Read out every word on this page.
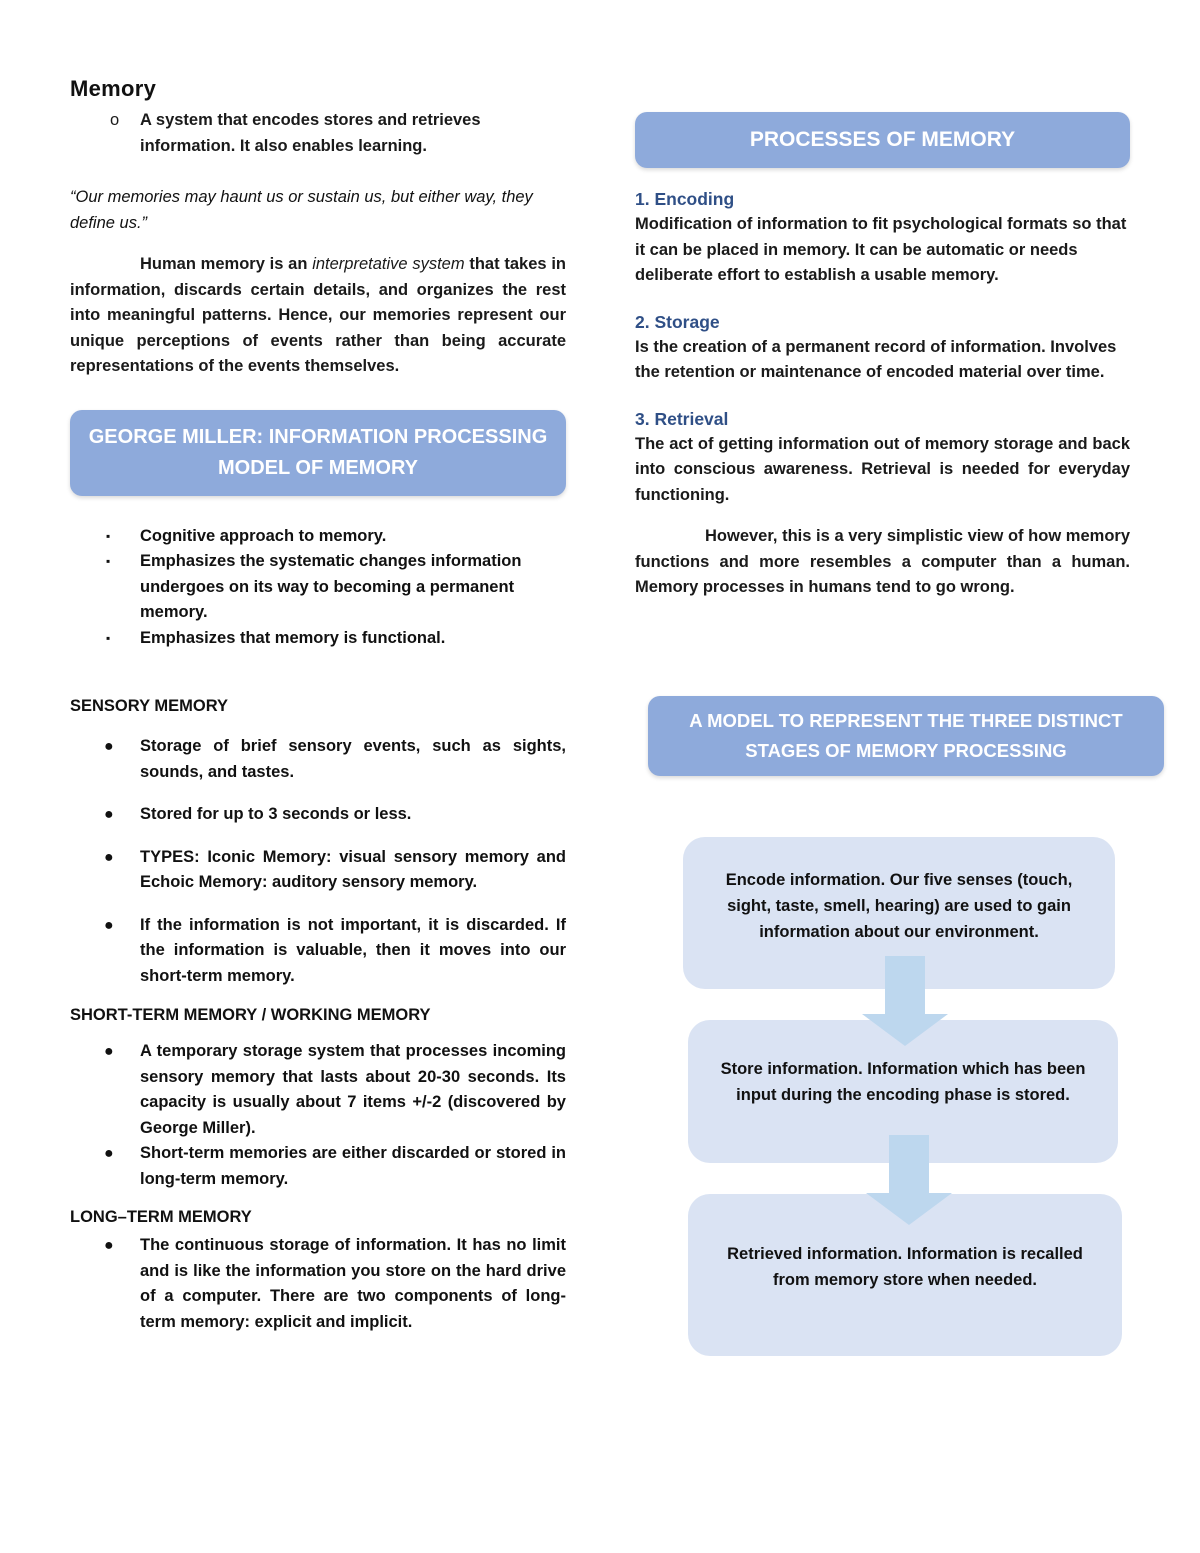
Memory

o A system that encodes stores and retrieves information. It also enables learning.

“Our memories may haunt us or sustain us, but either way, they define us.”

Human memory is an interpretative system that takes in information, discards certain details, and organizes the rest into meaningful patterns. Hence, our memories represent our unique perceptions of events rather than being accurate representations of the events themselves.

GEORGE MILLER: INFORMATION PROCESSING MODEL OF MEMORY
▪ Cognitive approach to memory.
▪ Emphasizes the systematic changes information undergoes on its way to becoming a permanent memory.
▪ Emphasizes that memory is functional.
SENSORY MEMORY
● Storage of brief sensory events, such as sights, sounds, and tastes.
● Stored for up to 3 seconds or less.
● TYPES: Iconic Memory: visual sensory memory and Echoic Memory: auditory sensory memory.
● If the information is not important, it is discarded. If the information is valuable, then it moves into our short-term memory.
SHORT-TERM MEMORY / WORKING MEMORY
● A temporary storage system that processes incoming sensory memory that lasts about 20-30 seconds. Its capacity is usually about 7 items +/-2 (discovered by George Miller).
● Short-term memories are either discarded or stored in long-term memory.
LONG–TERM MEMORY
● The continuous storage of information. It has no limit and is like the information you store on the hard drive of a computer. There are two components of long-term memory: explicit and implicit.
PROCESSES OF MEMORY
1. Encoding

Modification of information to fit psychological formats so that it can be placed in memory. It can be automatic or needs deliberate effort to establish a usable memory.

2. Storage

Is the creation of a permanent record of information. Involves the retention or maintenance of encoded material over time.

3. Retrieval

The act of getting information out of memory storage and back into conscious awareness. Retrieval is needed for everyday functioning.

However, this is a very simplistic view of how memory functions and more resembles a computer than a human. Memory processes in humans tend to go wrong.

A MODEL TO REPRESENT THE THREE DISTINCT STAGES OF MEMORY PROCESSING
Encode information. Our five senses (touch, sight, taste, smell, hearing) are used to gain information about our environment.
Store information. Information which has been input during the encoding phase is stored.
Retrieved information. Information is recalled from memory store when needed.
